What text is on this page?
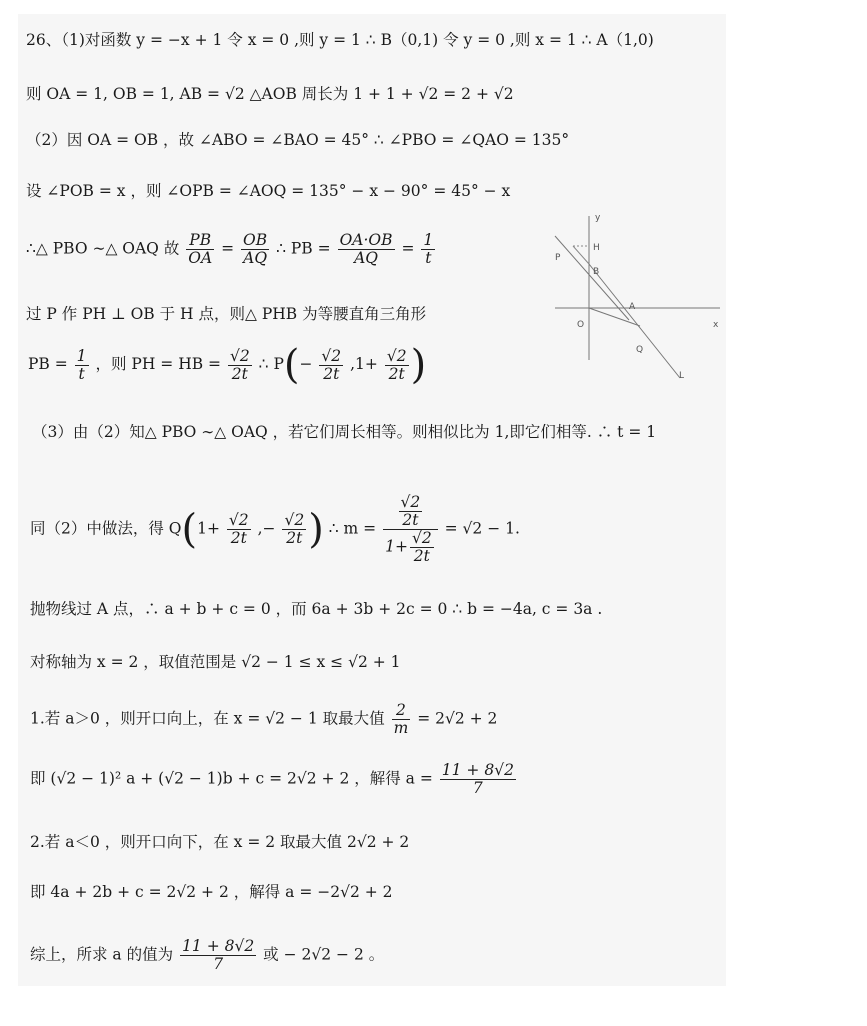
26、（1)对函数 y = −x + 1 令 x = 0 ,则 y = 1 ∴ B（0,1) 令 y = 0 ,则 x = 1 ∴ A（1,0)
则 OA = 1, OB = 1, AB = √2 △AOB 周长为 1 + 1 + √2 = 2 + √2
（2）因 OA = OB ，故 ∠ABO = ∠BAO = 45° ∴ ∠PBO = ∠QAO = 135°
设 ∠POB = x ，则 ∠OPB = ∠AOQ = 135° − x − 90° = 45° − x
∴△ PBO ∼△ OAQ 故 $\frac{PB}{OA} = \frac{OB}{AQ}$ ∴ PB = $\frac{OA\cdot OB}{AQ} = \frac{1}{t}$
过 P 作 PH ⊥ OB 于 H 点，则△ PHB 为等腰直角三角形
PB = $\frac{1}{t}$ ，则 PH = HB = $\frac{√2}{2t}$ ∴ $P(- \frac{√2}{2t} ,1+ \frac{√2}{2t}$ )
（3）由（2）知△ PBO ∼△ OAQ ，若它们周长相等。则相似比为 1,即它们相等. ∴ t = 1
同（2）中做法，得 $Q(1+ \frac{√2}{2t}$ ,− $\frac{√2}{2t}$ ) ∴ $m = \frac{\frac{√2}{2t}}{1+ \frac{√2}{2t}} = √2 - 1$.
抛物线过 A 点，∴ a + b + c = 0 ，而 6a + 3b + 2c = 0 ∴ b = −4a, c = 3a .
对称轴为 x = 2 ，取值范围是 √2 − 1 ≤ x ≤ √2 + 1
1.若 a＞0 ，则开口向上，在 x = √2 − 1 取最大值 $\frac{2}{m} = 2√2 + 2$
即 (√2 − 1)² a + (√2 − 1)b + c = 2√2 + 2 ，解得 $a = \frac{11 + 8√2}{7}$
2.若 a＜0 ，则开口向下，在 x = 2 取最大值 2√2 + 2
即 4a + 2b + c = 2√2 + 2 ，解得 a = −2√2 + 2
综上，所求 a 的值为 $\frac{11 + 8√2}{7}$ 或 − 2√2 − 2 。
y
x
O
P
H
B
A
Q
L
